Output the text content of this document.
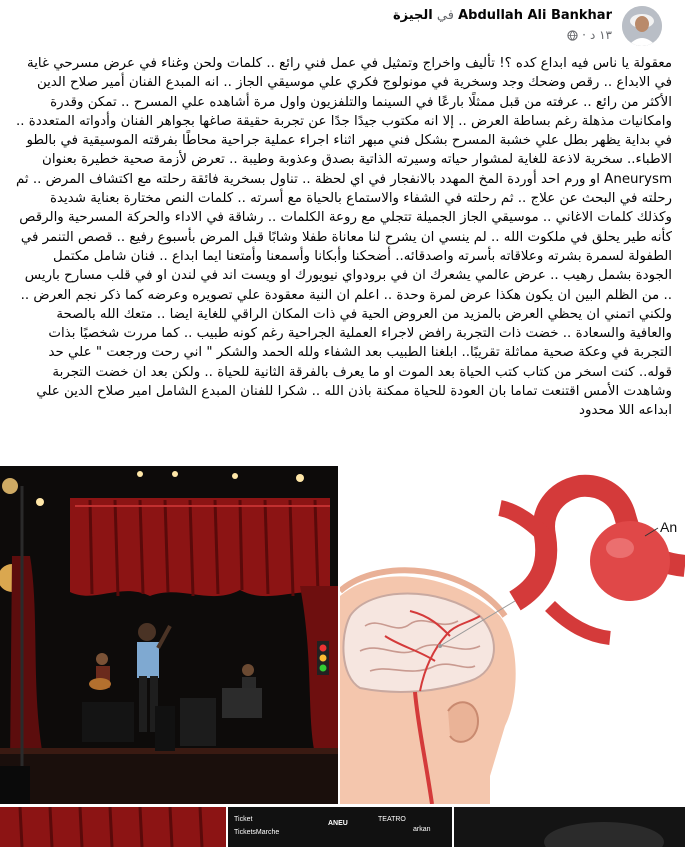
Abdullah Ali Bankhar في الجيزة
١٣ د
·

معقولة يا ناس فيه ابداع كده ؟! تأليف واخراج وتمثيل في عمل فني رائع .. كلمات ولحن وغناء في عرض مسرحي غاية في الابداع .. رقص وضحك وجد وسخرية في مونولوج فكري علي موسيقي الجاز .. انه المبدع الفنان أمير صلاح الدين الأكثر من رائع .. عرفته من قبل ممثلًا بارعًا في السينما والتلفزيون واول مرة أشاهده علي المسرح .. تمكن وقدرة وامكانيات مذهلة رغم بساطة العرض .. إلا انه مكتوب جيدًا جدًا عن تجربة حقيقة صاغها بجواهر الفنان وأدواته المتعددة .. في بداية يظهر بطل علي خشبة المسرح بشكل فني مبهر اثناء اجراء عملية جراحية محاطًا بفرقته الموسيقية في بالطو الاطباء.. سخرية لاذعة للغاية لمشوار حياته وسيرته الذاتية بصدق وعذوبة وطيبة .. تعرض لأزمة صحية خطيرة بعنوان Aneurysm او ورم احد أوردة المخ المهدد بالانفجار في اي لحظة .. تناول بسخرية فائقة رحلته مع اكتشاف المرض .. ثم رحلته في البحث عن علاج .. ثم رحلته في الشفاء والاستماع بالحياة مع أسرته .. كلمات النص مختارة بعناية شديدة وكذلك كلمات الاغاني .. موسيقي الجاز الجميلة تتجلي مع روعة الكلمات .. رشاقة في الاداء والحركة المسرحية والرقص كأنه طير يحلق في ملكوت الله .. لم ينسي ان يشرح لنا معاناة طفلا وشابًا قبل المرض بأسبوع رفيع .. قصص التنمر في الطفولة لسمرة بشرته وعلاقاته بأسرته واصدقائه.. أضحكنا وأبكانا وأسمعنا وأمتعنا ايما ابداع .. فنان شامل مكتمل الجودة بشمل رهيب .. عرض عالمي يشعرك ان في برودواي نيويورك او ويست اند في لندن او في قلب مسارح باريس .. من الظلم البين ان يكون هكذا عرض لمرة وحدة .. اعلم ان النية معقودة علي تصويره وعرضه كما ذكر نجم العرض .. ولكني اتمني ان يحظي العرض بالمزيد من العروض الحية في ذات المكان الراقي للغاية ايضا .. متعك الله بالصحة والعافية والسعادة .. خضت ذات التجربة رافض لاجراء العملية الجراحية رغم كونه طبيب .. كما مررت شخصيًا بذات التجربة في وعكة صحية مماثلة تقريبًا.. ابلغنا الطبيب بعد الشفاء ولله الحمد والشكر " اني رحت ورجعت " علي حد قوله.. كنت اسخر من كتاب كتب الحياة بعد الموت او ما يعرف بالفرقة الثانية للحياة .. ولكن بعد ان خضت التجربة وشاهدت الأمس اقتنعت تماما بان العودة للحياة ممكنة باذن الله .. شكرا للفنان المبدع الشامل امير صلاح الدين علي ابداعه اللا محدود

An
Ticket
TicketsMarche
ANEU
TEATRO
arkan
